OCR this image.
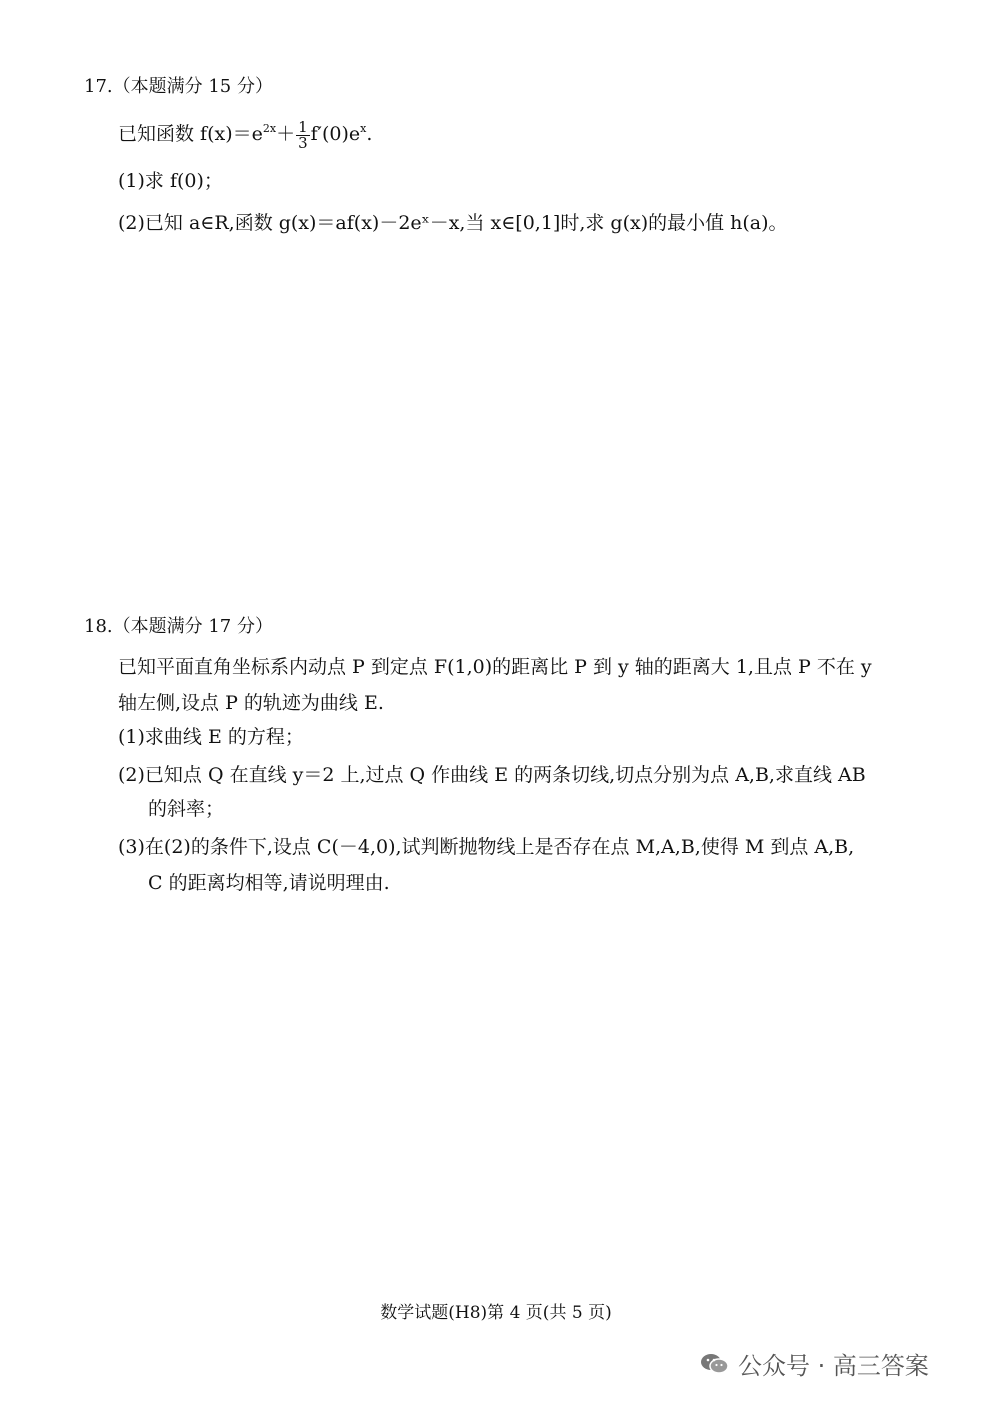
17.（本题满分 15 分）
已知函数 $f(x)=e^{2x}+ \frac{1}{3} f'(0)e^x$.
(1)求 f(0)；
(2)已知 a∈R,函数 g(x)＝af(x)－2eˣ－x,当 x∈[0,1]时,求 g(x)的最小值 h(a)。
18.（本题满分 17 分）
已知平面直角坐标系内动点 P 到定点 F(1,0)的距离比 P 到 y 轴的距离大 1,且点 P 不在 y
轴左侧,设点 P 的轨迹为曲线 E.
(1)求曲线 E 的方程；
(2)已知点 Q 在直线 y＝2 上,过点 Q 作曲线 E 的两条切线,切点分别为点 A,B,求直线 AB
的斜率；
(3)在(2)的条件下,设点 C(－4,0),试判断抛物线上是否存在点 M,A,B,使得 M 到点 A,B,
C 的距离均相等,请说明理由.
数学试题(H8)第 4 页(共 5 页)
公众号 · 高三答案
